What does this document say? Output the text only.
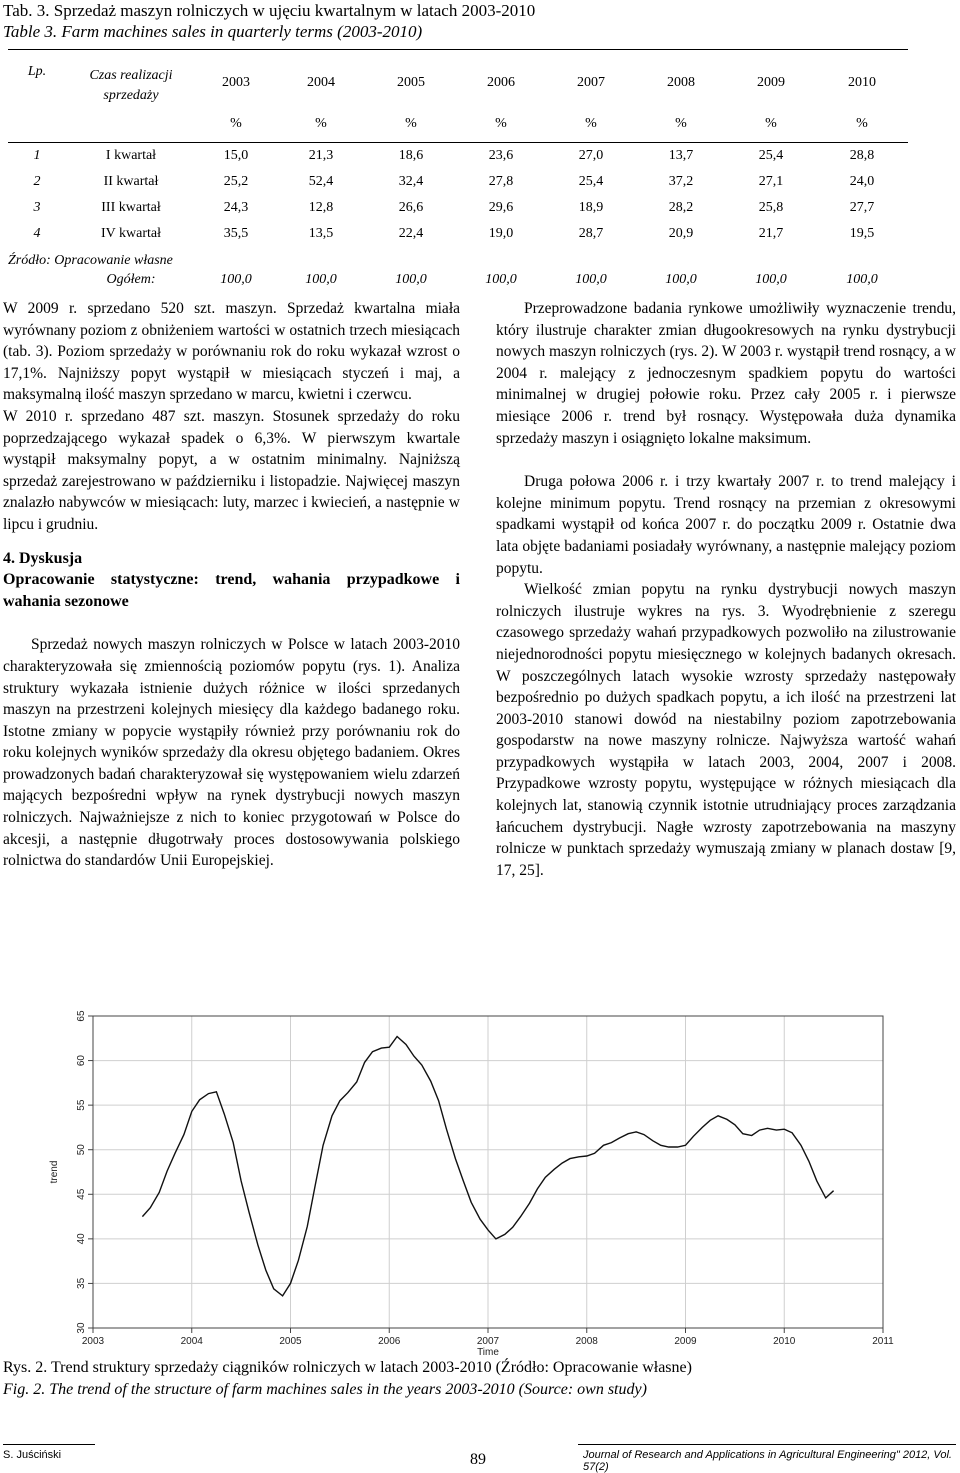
Tab. 3. Sprzedaż maszyn rolniczych w ujęciu kwartalnym w latach 2003-2010
Table 3. Farm machines sales in quarterly terms (2003-2010)
Lp.	Czas realizacji sprzedaży	2003	2004	2005	2006	2007	2008	2009	2010
		%	%	%	%	%	%	%	%
1	I kwartał	15,0	21,3	18,6	23,6	27,0	13,7	25,4	28,8
2	II kwartał	25,2	52,4	32,4	27,8	25,4	37,2	27,1	24,0
3	III kwartał	24,3	12,8	26,6	29,6	18,9	28,2	25,8	27,7
4	IV kwartał	35,5	13,5	22,4	19,0	28,7	20,9	21,7	19,5
	Ogółem:	100,0	100,0	100,0	100,0	100,0	100,0	100,0	100,0
Źródło: Opracowanie własne

W 2009 r. sprzedano 520 szt. maszyn. Sprzedaż kwartalna miała wyrównany poziom z obniżeniem wartości w ostatnich trzech miesiącach (tab. 3). Poziom sprzedaży w porównaniu rok do roku wykazał wzrost o 17,1%. Najniższy popyt wystąpił w miesiącach styczeń i maj, a maksymalną ilość maszyn sprzedano w marcu, kwietni i czerwcu.

W 2010 r. sprzedano 487 szt. maszyn. Stosunek sprzedaży do roku poprzedzającego wykazał spadek o 6,3%. W pierwszym kwartale wystąpił maksymalny popyt, a w ostatnim minimalny. Najniższą sprzedaż zarejestrowano w październiku i listopadzie. Najwięcej maszyn znalazło nabywców w miesiącach: luty, marzec i kwiecień, a następnie w lipcu i grudniu.

4. Dyskusja

Opracowanie statystyczne: trend, wahania przypadkowe i wahania sezonowe

Sprzedaż nowych maszyn rolniczych w Polsce w latach 2003-2010 charakteryzowała się zmiennością poziomów popytu (rys. 1). Analiza struktury wykazała istnienie dużych różnice w ilości sprzedanych maszyn na przestrzeni kolejnych miesięcy dla każdego badanego roku. Istotne zmiany w popycie wystąpiły również przy porównaniu rok do roku kolejnych wyników sprzedaży dla okresu objętego badaniem. Okres prowadzonych badań charakteryzował się występowaniem wielu zdarzeń mających bezpośredni wpływ na rynek dystrybucji nowych maszyn rolniczych. Najważniejsze z nich to koniec przygotowań w Polsce do akcesji, a następnie długotrwały proces dostosowywania polskiego rolnictwa do standardów Unii Europejskiej.

Przeprowadzone badania rynkowe umożliwiły wyznaczenie trendu, który ilustruje charakter zmian długookresowych na rynku dystrybucji nowych maszyn rolniczych (rys. 2). W 2003 r. wystąpił trend rosnący, a w 2004 r. malejący z jednoczesnym spadkiem popytu do wartości minimalnej w drugiej połowie roku. Przez cały 2005 r. i pierwsze miesiące 2006 r. trend był rosnący. Występowała duża dynamika sprzedaży maszyn i osiągnięto lokalne maksimum.

Druga połowa 2006 r. i trzy kwartały 2007 r. to trend malejący i kolejne minimum popytu. Trend rosnący na przemian z okresowymi spadkami wystąpił od końca 2007 r. do początku 2009 r. Ostatnie dwa lata objęte badaniami posiadały wyrównany, a następnie malejący poziom popytu.

Wielkość zmian popytu na rynku dystrybucji nowych maszyn rolniczych ilustruje wykres na rys. 3. Wyodrębnienie z szeregu czasowego sprzedaży wahań przypadkowych pozwoliło na zilustrowanie niejednorodności popytu miesięcznego w kolejnych badanych okresach. W poszczególnych latach wysokie wzrosty sprzedaży następowały bezpośrednio po dużych spadkach popytu, a ich ilość na przestrzeni lat 2003-2010 stanowi dowód na niestabilny poziom zapotrzebowania gospodarstw na nowe maszyny rolnicze. Najwyższa wartość wahań przypadkowych wystąpiła w latach 2003, 2004, 2007 i 2008. Przypadkowe wzrosty popytu, występujące w różnych miesiącach dla kolejnych lat, stanowią czynnik istotnie utrudniający proces zarządzania łańcuchem dystrybucji. Nagłe wzrosty zapotrzebowania na maszyny rolnicze w punktach sprzedaży wymuszają zmiany w planach dostaw [9, 17, 25].

30
35
40
45
50
55
60
65
2003	2004	2005	2006	2007	2008	2009	2010	2011
Time
trend
Rys. 2. Trend struktury sprzedaży ciągników rolniczych w latach 2003-2010 (Źródło: Opracowanie własne)
Fig. 2. The trend of the structure of farm machines sales in the years 2003-2010 (Source: own study)
S. Juściński	89	Journal of Research and Applications in Agricultural Engineering" 2012, Vol. 57(2)
